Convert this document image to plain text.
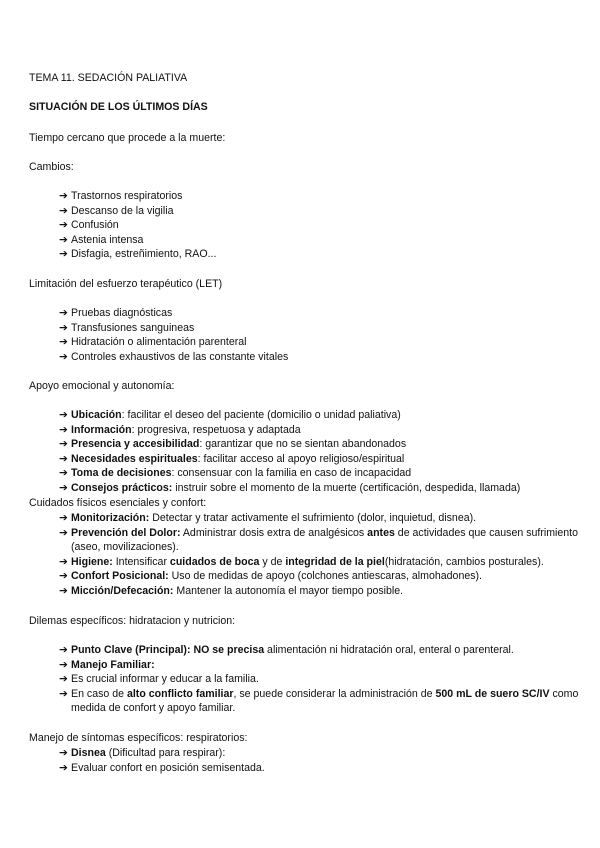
TEMA 11. SEDACIÓN PALIATIVA
SITUACIÓN DE LOS ÚLTIMOS DÍAS
Tiempo cercano que procede a la muerte:
Cambios:
➔ Trastornos respiratorios
➔ Descanso de la vigilia
➔ Confusión
➔ Astenia intensa
➔ Disfagia, estreñimiento, RAO...
Limitación del esfuerzo terapéutico (LET)
➔ Pruebas diagnósticas
➔ Transfusiones sanguineas
➔ Hidratación o alimentación parenteral
➔ Controles exhaustivos de las constante vitales
Apoyo emocional y autonomía:
➔ Ubicación: facilitar el deseo del paciente (domicilio o unidad paliativa)
➔ Información: progresiva, respetuosa y adaptada
➔ Presencia y accesibilidad: garantizar que no se sientan abandonados
➔ Necesidades espirituales: facilitar acceso al apoyo religioso/espiritual
➔ Toma de decisiones: consensuar con la familia en caso de incapacidad
➔ Consejos prácticos: instruir sobre el momento de la muerte (certificación, despedida, llamada)
Cuidados físicos esenciales y confort:
➔ Monitorización: Detectar y tratar activamente el sufrimiento (dolor, inquietud, disnea).
➔ Prevención del Dolor: Administrar dosis extra de analgésicos antes de actividades que causen sufrimiento (aseo, movilizaciones).
➔ Higiene: Intensificar cuidados de boca y de integridad de la piel(hidratación, cambios posturales).
➔ Confort Posicional: Uso de medidas de apoyo (colchones antiescaras, almohadones).
➔ Micción/Defecación: Mantener la autonomía el mayor tiempo posible.
Dilemas específicos: hidratacion y nutricion:
➔ Punto Clave (Principal): NO se precisa alimentación ni hidratación oral, enteral o parenteral.
➔ Manejo Familiar:
➔ Es crucial informar y educar a la familia.
➔ En caso de alto conflicto familiar, se puede considerar la administración de 500 mL de suero SC/IV como medida de confort y apoyo familiar.
Manejo de síntomas específicos: respiratorios:
➔ Disnea (Dificultad para respirar):
➔ Evaluar confort en posición semisentada.
